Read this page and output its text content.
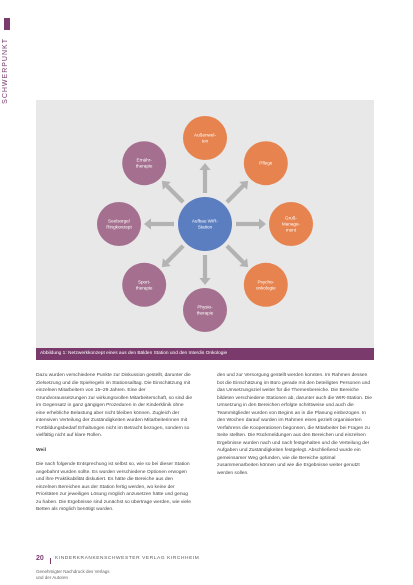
SCHWERPUNKT
Aufbau WIR-
Station
Außenwel-
ten
Pflege
Gruß-
Manage-
ment
Psycho-
onkologie
Physio-
therapie
Sport-
therapie
Seelsorge/
Ringkonzept
Ernähr-
therapie
Abbildung 1: Netzwerkkonzept eines aus den Bälden Station und den Interdis Onkologie

Dazu wurden verschiedene Punkte zur Diskussion gestellt, darunter die Zielsetzung und die Spielregeln im Stationsalltag. Die Einschätzung mit einzelnen Mitarbeitern von 15–29 Jahren. Eine der Grundvoraussetzungen zur wirkungsvollen Mitarbeiterschaft, so sind die im Gegensatz in ganz gängigen Prozeduren in der Kinderklinik ohne eine erhebliche Belastung aber nicht bleiben können. Zugleich der intensiven Verteilung der Zuständigkeiten wurden Mitarbeiterinnen mit Fortbildungsbedarf Erhaltungen nicht im Betracht bezogen, sondern so vielfältig nicht auf klare Rollen.

Weil

Die nach folgende Entsprechung ist selbst so, wie so bei dieser Station angebahnt wurden sollte. Es wurden verschiedene Optionen erwogen und ihre Praktikabilität diskutiert. Es hätte die Bereiche aus den einzelnen Bereichen aus der Station fertig werden, wo keine der Prioritäten zur jeweiligen Lösung möglich anzusetzen hätte und genug zu haben. Die Ergebnisse sind zunächst so übertrage werden, wie viele Betten als möglich benötigt wurden.

den und zur Versorgung gestellt werden konnten. Im Rahmen dessen bot die Einschätzung im Büro gerade mit den beteiligten Personen und das Umsetzungsziel weiter für die Themenbereiche. Die Bereiche bildeten verschiedene Stationen ab, darunter auch die WIR-Station. Die Umsetzung in den Bereichen erfolgte schrittweise und auch die Teammitglieder wurden von Beginn an in die Planung einbezogen. In den Wochen darauf wurden im Rahmen eines gezielt organisierten Verfahrens die Kooperationen begonnen, die Mitarbeiter bei Fragen zu Seite stellten. Die Rückmeldungen aus den Bereichen und einzelnen Ergebnisse wurden nach und nach festgehalten und die Verteilung der Aufgaben und Zuständigkeiten festgelegt. Abschließend wurde ein gemeinsamer Weg gefunden, wie die Bereiche optimal zusammenarbeiten können und wie die Ergebnisse weiter genutzt werden sollen.

20 KINDERKRANKENSCHWESTER VERLAG KIRCHHEIM
Genehmigter Nachdruck des Verlags
und der Autoren
